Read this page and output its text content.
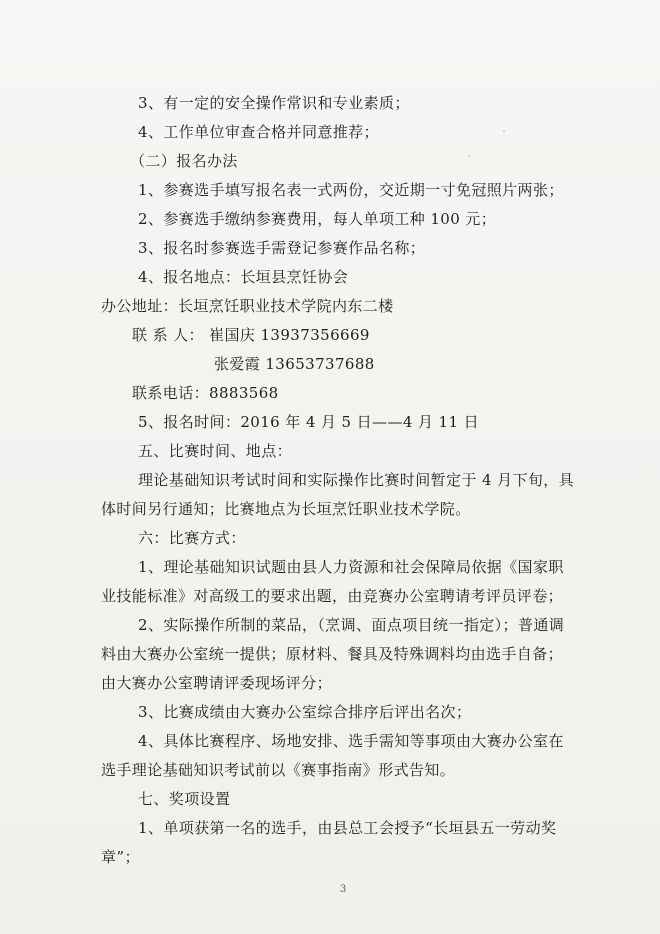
3、有一定的安全操作常识和专业素质；
4、工作单位审查合格并同意推荐；
（二）报名办法
1、参赛选手填写报名表一式两份，交近期一寸免冠照片两张；
2、参赛选手缴纳参赛费用，每人单项工种 100 元；
3、报名时参赛选手需登记参赛作品名称；
4、报名地点：长垣县烹饪协会
办公地址：长垣烹饪职业技术学院内东二楼
联 系 人： 崔国庆 13937356669
张爱霞 13653737688
联系电话：8883568
5、报名时间：2016 年 4 月 5 日——4 月 11 日
五、比赛时间、地点：
理论基础知识考试时间和实际操作比赛时间暂定于 4 月下旬，具
体时间另行通知；比赛地点为长垣烹饪职业技术学院。
六：比赛方式：
1、理论基础知识试题由县人力资源和社会保障局依据《国家职
业技能标准》对高级工的要求出题，由竞赛办公室聘请考评员评卷；
2、实际操作所制的菜品，（烹调、面点项目统一指定）；普通调
料由大赛办公室统一提供；原材料、餐具及特殊调料均由选手自备；
由大赛办公室聘请评委现场评分；
3、比赛成绩由大赛办公室综合排序后评出名次；
4、具体比赛程序、场地安排、选手需知等事项由大赛办公室在
选手理论基础知识考试前以《赛事指南》形式告知。
七、奖项设置
1、单项获第一名的选手，由县总工会授予“长垣县五一劳动奖
章”；
3
